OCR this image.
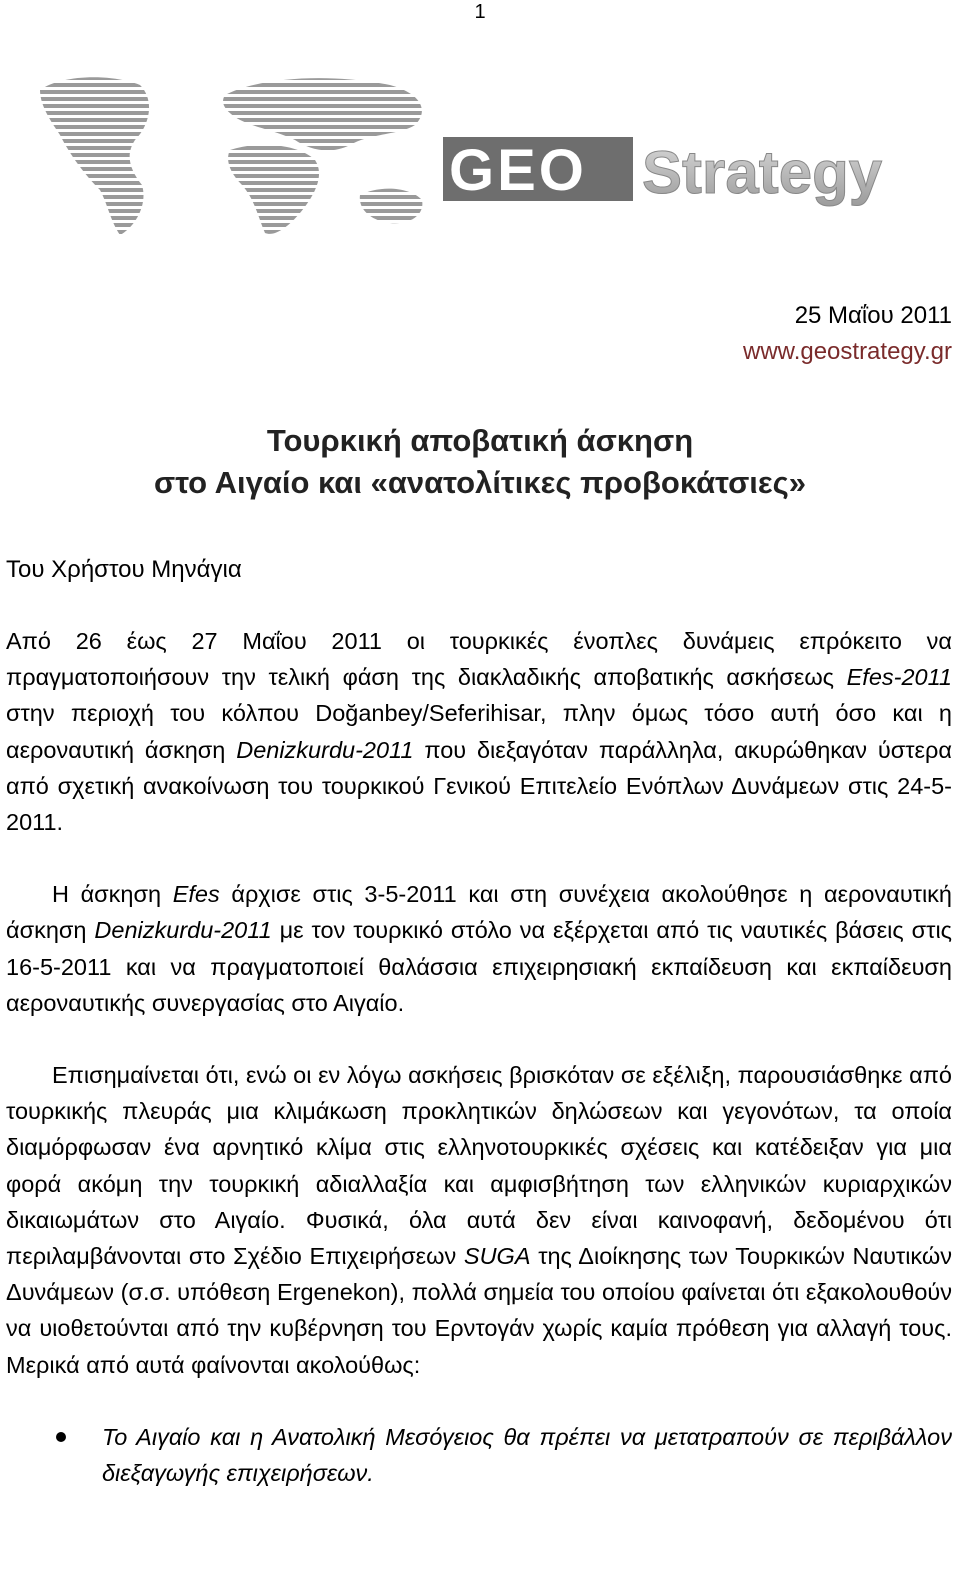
1
GEO Strategy
25 Μαΐου 2011
www.geostrategy.gr
Τουρκική αποβατική άσκηση
στο Αιγαίο και «ανατολίτικες προβοκάτσιες»
Του Χρήστου Μηνάγια

Από 26 έως 27 Μαΐου 2011 οι τουρκικές ένοπλες δυνάμεις επρόκειτο να πραγματοποιήσουν την τελική φάση της διακλαδικής αποβατικής ασκήσεως Efes-2011 στην περιοχή του κόλπου Doğanbey/Seferihisar, πλην όμως τόσο αυτή όσο και η αεροναυτική άσκηση Denizkurdu-2011 που διεξαγόταν παράλληλα, ακυρώθηκαν ύστερα από σχετική ανακοίνωση του τουρκικού Γενικού Επιτελείο Ενόπλων Δυνάμεων στις 24-5-2011.

Η άσκηση Efes άρχισε στις 3-5-2011 και στη συνέχεια ακολούθησε η αεροναυτική άσκηση Denizkurdu-2011 με τον τουρκικό στόλο να εξέρχεται από τις ναυτικές βάσεις στις 16-5-2011 και να πραγματοποιεί θαλάσσια επιχειρησιακή εκπαίδευση και εκπαίδευση αεροναυτικής συνεργασίας στο Αιγαίο.

Επισημαίνεται ότι, ενώ οι εν λόγω ασκήσεις βρισκόταν σε εξέλιξη, παρουσιάσθηκε από τουρκικής πλευράς μια κλιμάκωση προκλητικών δηλώσεων και γεγονότων, τα οποία διαμόρφωσαν ένα αρνητικό κλίμα στις ελληνοτουρκικές σχέσεις και κατέδειξαν για μια φορά ακόμη την τουρκική αδιαλλαξία και αμφισβήτηση των ελληνικών κυριαρχικών δικαιωμάτων στο Αιγαίο. Φυσικά, όλα αυτά δεν είναι καινοφανή, δεδομένου ότι περιλαμβάνονται στο Σχέδιο Επιχειρήσεων SUGA της Διοίκησης των Τουρκικών Ναυτικών Δυνάμεων (σ.σ. υπόθεση Ergenekon), πολλά σημεία του οποίου φαίνεται ότι εξακολουθούν να υιοθετούνται από την κυβέρνηση του Ερντογάν χωρίς καμία πρόθεση για αλλαγή τους. Μερικά από αυτά φαίνονται ακολούθως:

Το Αιγαίο και η Ανατολική Μεσόγειος θα πρέπει να μετατραπούν σε περιβάλλον διεξαγωγής επιχειρήσεων.
